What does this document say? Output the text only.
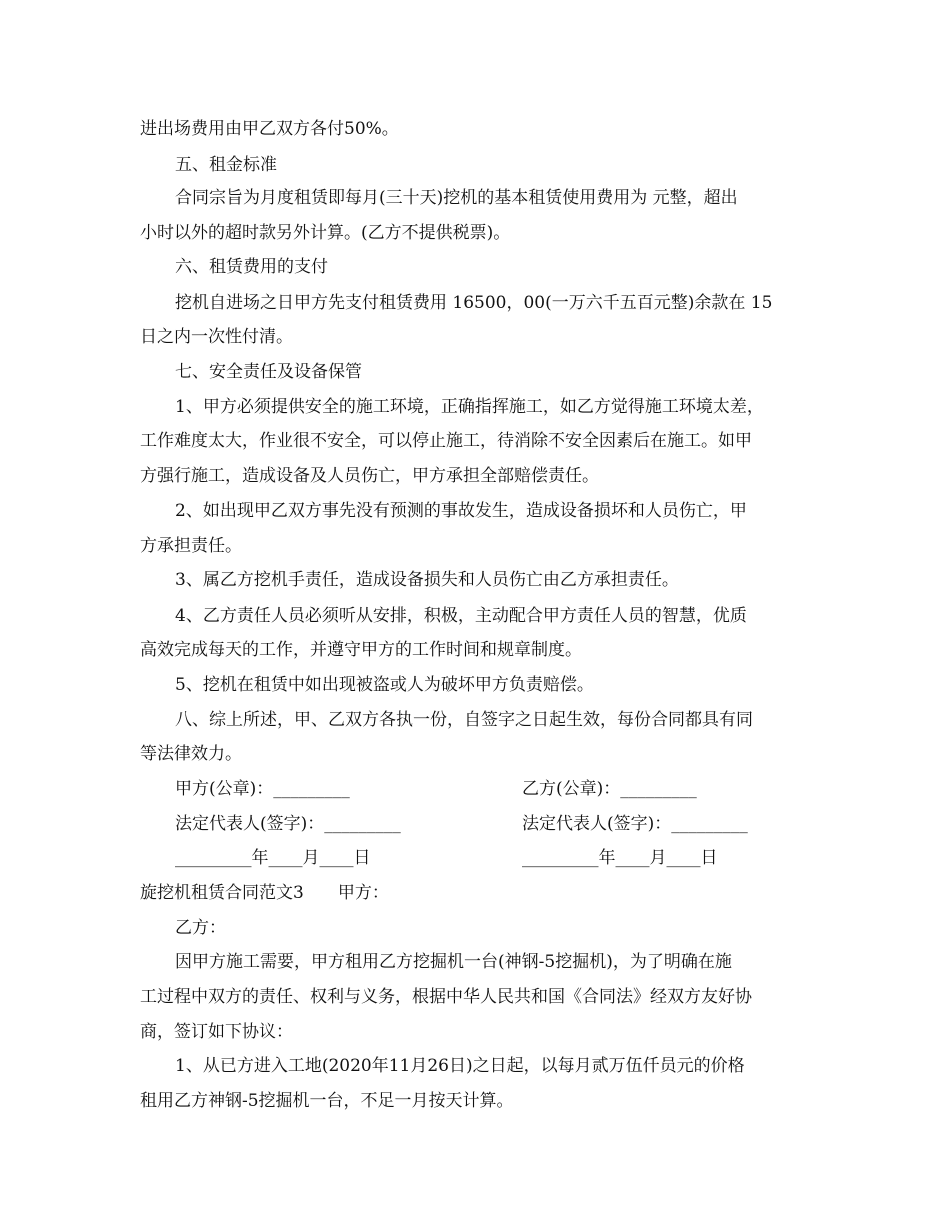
进出场费用由甲乙双方各付50%。

五、租金标准

合同宗旨为月度租赁即每月(三十天)挖机的基本租赁使用费用为 元整，超出

小时以外的超时款另外计算。(乙方不提供税票)。

六、租赁费用的支付

挖机自进场之日甲方先支付租赁费用 16500，00(一万六千五百元整)余款在 15

日之内一次性付清。

七、安全责任及设备保管

1、甲方必须提供安全的施工环境，正确指挥施工，如乙方觉得施工环境太差，

工作难度太大，作业很不安全，可以停止施工，待消除不安全因素后在施工。如甲

方强行施工，造成设备及人员伤亡，甲方承担全部赔偿责任。

2、如出现甲乙双方事先没有预测的事故发生，造成设备损坏和人员伤亡，甲

方承担责任。

3、属乙方挖机手责任，造成设备损失和人员伤亡由乙方承担责任。

4、乙方责任人员必须听从安排，积极，主动配合甲方责任人员的智慧，优质

高效完成每天的工作，并遵守甲方的工作时间和规章制度。

5、挖机在租赁中如出现被盗或人为破坏甲方负责赔偿。

八、综上所述，甲、乙双方各执一份，自签字之日起生效，每份合同都具有同

等法律效力。

甲方(公章)：_________	乙方(公章)：_________

法定代表人(签字)：_________	法定代表人(签字)：_________

_________年____月____日	_________年____月____日

旋挖机租赁合同范文3　　甲方：

乙方：

因甲方施工需要，甲方租用乙方挖掘机一台(神钢-5挖掘机)，为了明确在施

工过程中双方的责任、权利与义务，根据中华人民共和国《合同法》经双方友好协

商，签订如下协议：

1、从已方进入工地(2020年11月26日)之日起，以每月贰万伍仟员元的价格

租用乙方神钢-5挖掘机一台，不足一月按天计算。
